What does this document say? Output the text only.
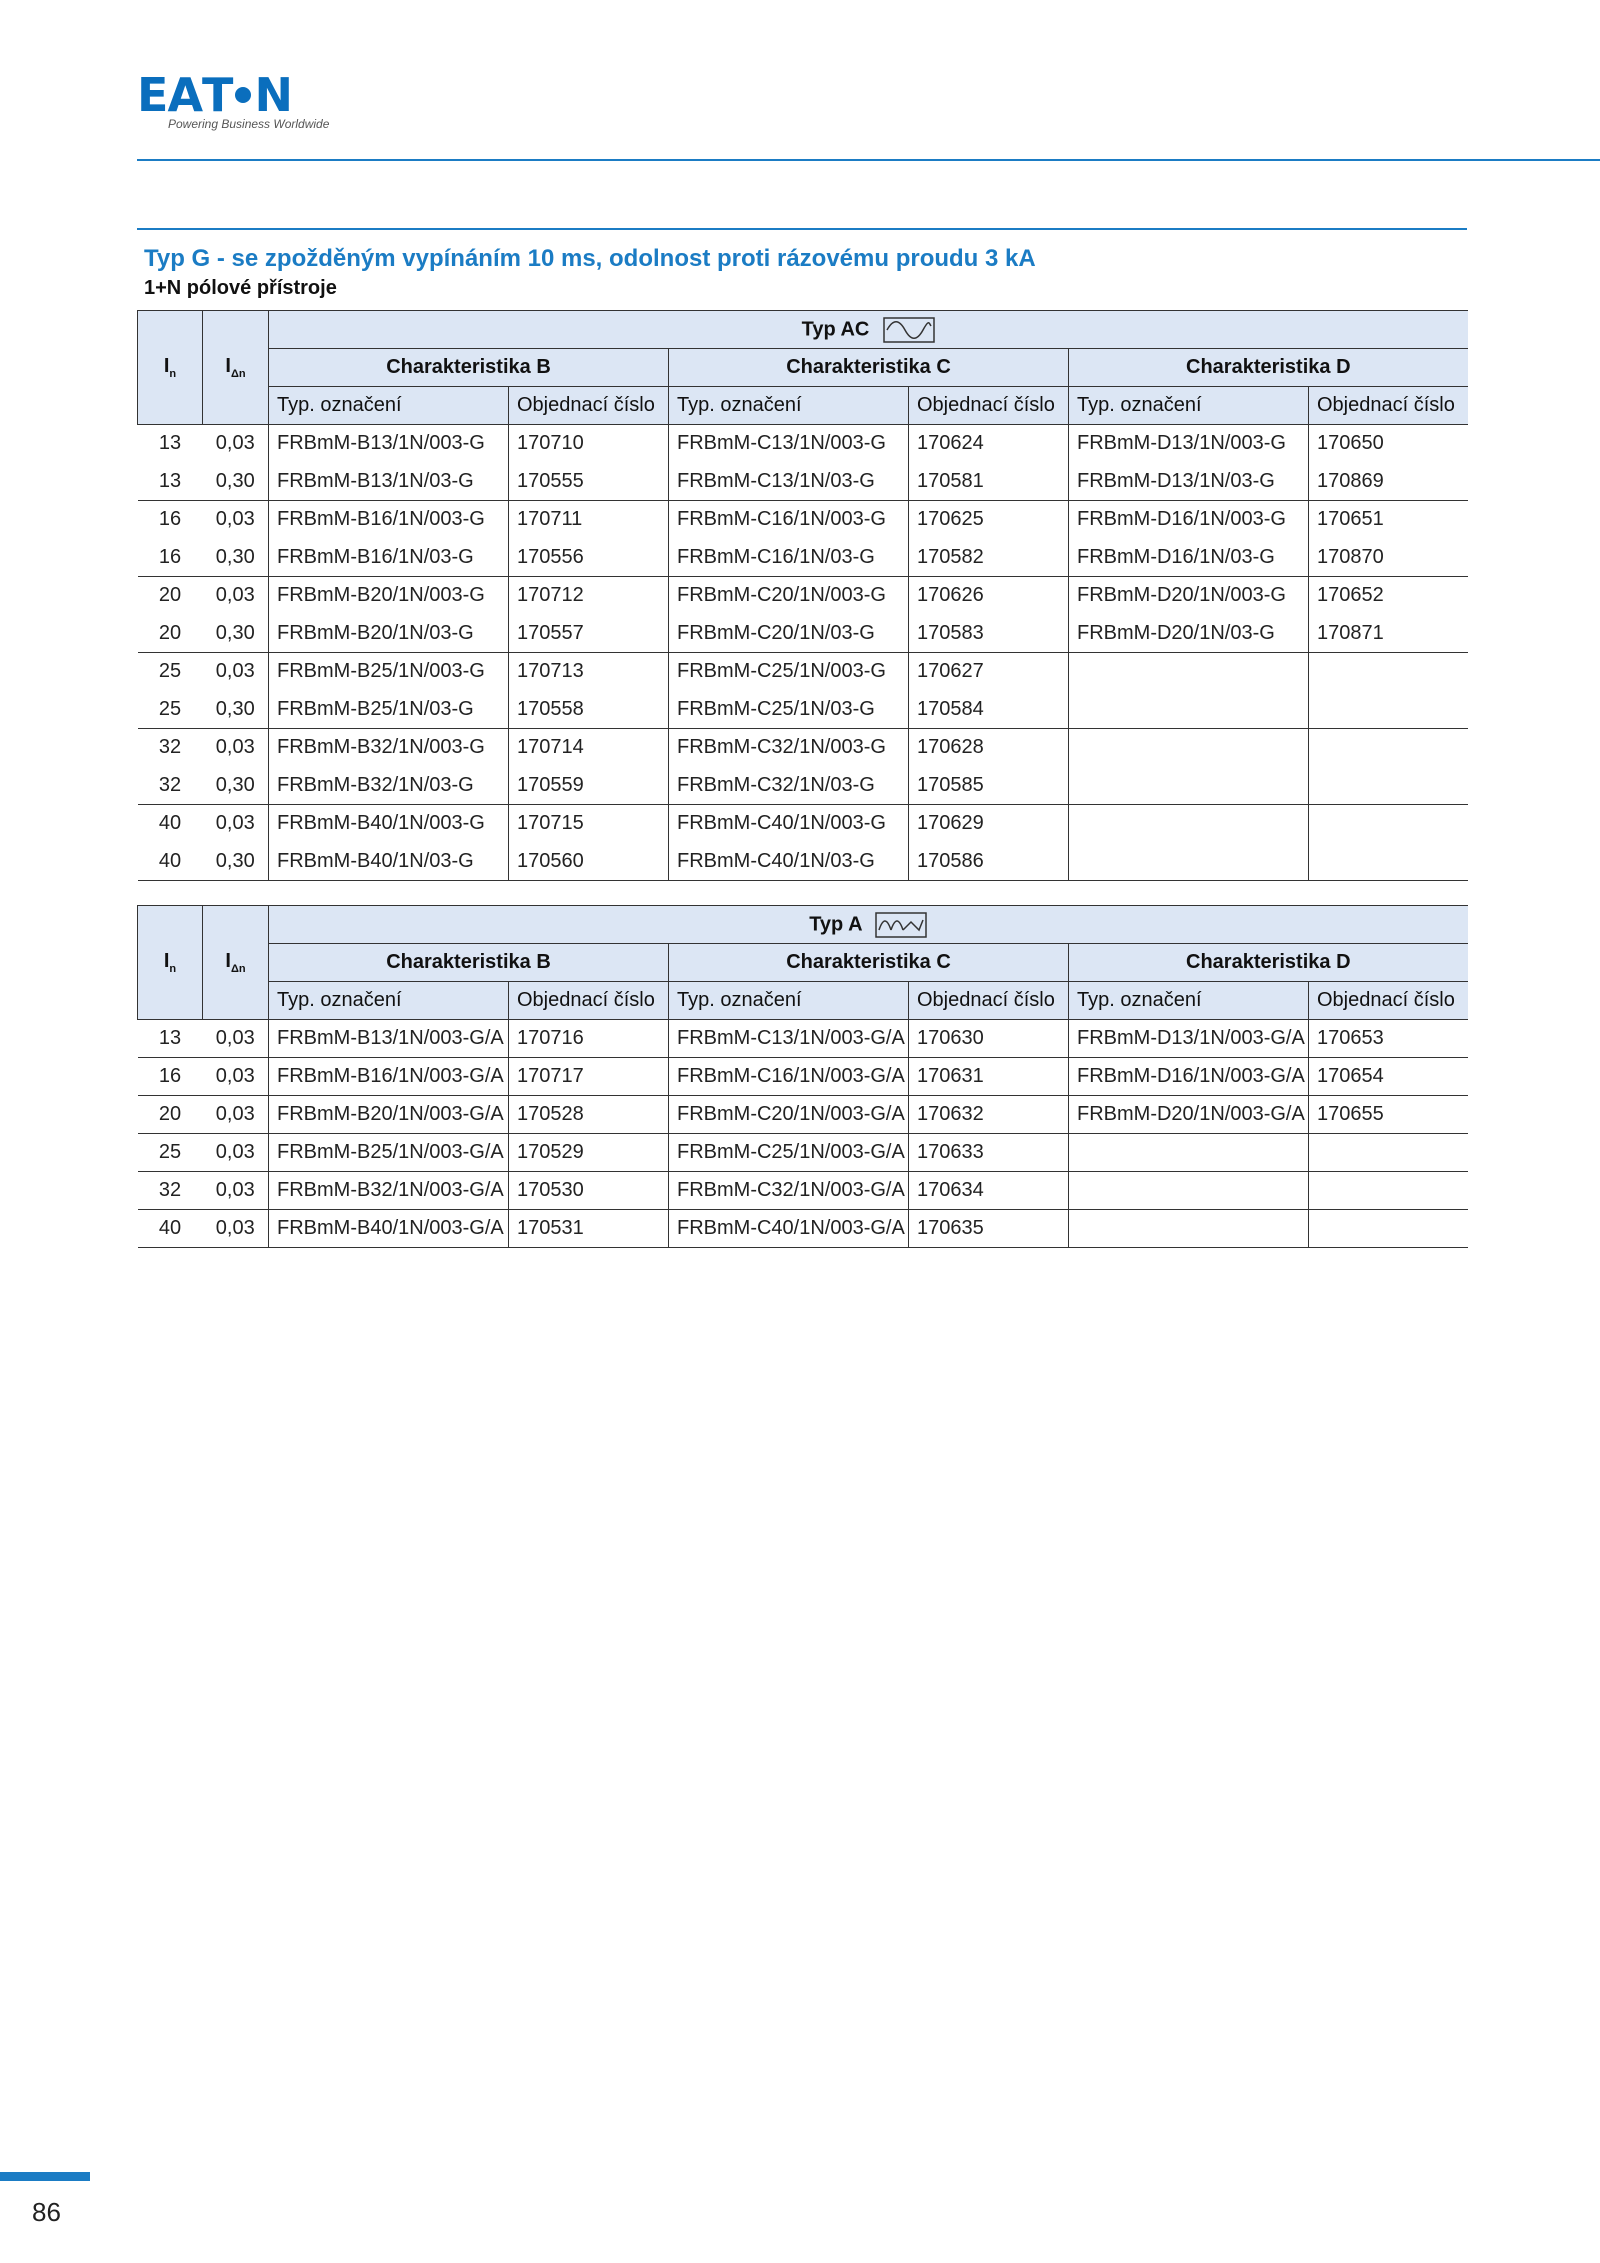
E A T N
Powering Business Worldwide
Typ G - se zpožděným vypínáním 10 ms, odolnost proti rázovému proudu 3 kA
1+N pólové přístroje
$I_n$	$I_{\Delta n}$	Typ AC					
		Charakteristika B		Charakteristika C		Charakteristika D	
		Typ. označení	Objednací číslo	Typ. označení	Objednací číslo	Typ. označení	Objednací číslo
13	0,03	FRBmM-B13/1N/003-G	170710	FRBmM-C13/1N/003-G	170624	FRBmM-D13/1N/003-G	170650
13	0,30	FRBmM-B13/1N/03-G	170555	FRBmM-C13/1N/03-G	170581	FRBmM-D13/1N/03-G	170869
16	0,03	FRBmM-B16/1N/003-G	170711	FRBmM-C16/1N/003-G	170625	FRBmM-D16/1N/003-G	170651
16	0,30	FRBmM-B16/1N/03-G	170556	FRBmM-C16/1N/03-G	170582	FRBmM-D16/1N/03-G	170870
20	0,03	FRBmM-B20/1N/003-G	170712	FRBmM-C20/1N/003-G	170626	FRBmM-D20/1N/003-G	170652
20	0,30	FRBmM-B20/1N/03-G	170557	FRBmM-C20/1N/03-G	170583	FRBmM-D20/1N/03-G	170871
25	0,03	FRBmM-B25/1N/003-G	170713	FRBmM-C25/1N/003-G	170627		
25	0,30	FRBmM-B25/1N/03-G	170558	FRBmM-C25/1N/03-G	170584		
32	0,03	FRBmM-B32/1N/003-G	170714	FRBmM-C32/1N/003-G	170628		
32	0,30	FRBmM-B32/1N/03-G	170559	FRBmM-C32/1N/03-G	170585		
40	0,03	FRBmM-B40/1N/003-G	170715	FRBmM-C40/1N/003-G	170629		
40	0,30	FRBmM-B40/1N/03-G	170560	FRBmM-C40/1N/03-G	170586		
$I_n$	$I_{\Delta n}$	Typ A					
		Charakteristika B		Charakteristika C		Charakteristika D	
		Typ. označení	Objednací číslo	Typ. označení	Objednací číslo	Typ. označení	Objednací číslo
13	0,03	FRBmM-B13/1N/003-G/A	170716	FRBmM-C13/1N/003-G/A	170630	FRBmM-D13/1N/003-G/A	170653
16	0,03	FRBmM-B16/1N/003-G/A	170717	FRBmM-C16/1N/003-G/A	170631	FRBmM-D16/1N/003-G/A	170654
20	0,03	FRBmM-B20/1N/003-G/A	170528	FRBmM-C20/1N/003-G/A	170632	FRBmM-D20/1N/003-G/A	170655
25	0,03	FRBmM-B25/1N/003-G/A	170529	FRBmM-C25/1N/003-G/A	170633		
32	0,03	FRBmM-B32/1N/003-G/A	170530	FRBmM-C32/1N/003-G/A	170634		
40	0,03	FRBmM-B40/1N/003-G/A	170531	FRBmM-C40/1N/003-G/A	170635		
86
